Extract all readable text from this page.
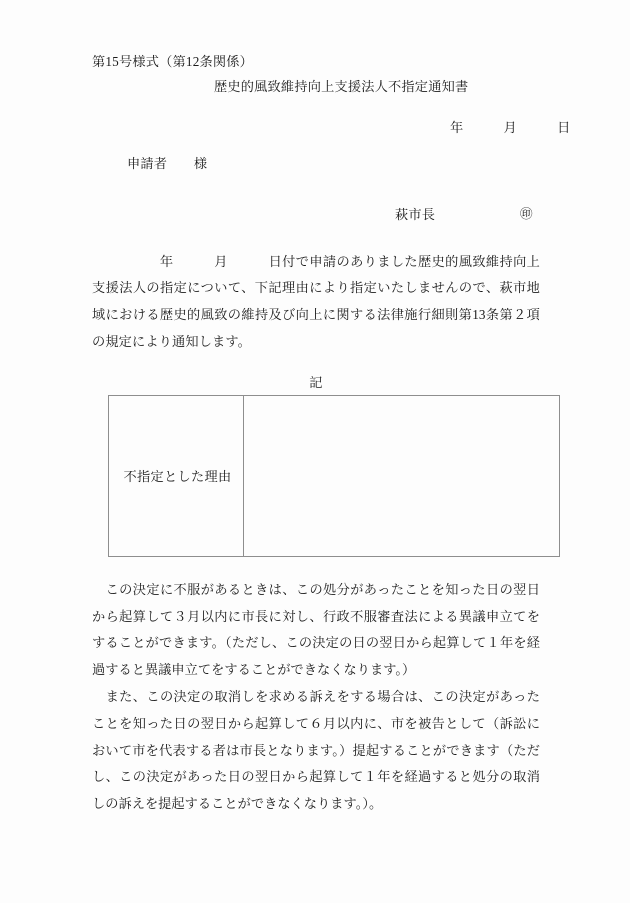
第15号様式（第12条関係）
歴史的風致維持向上支援法人不指定通知書
年　　　月　　　日
申請者　　様
萩市長	㊞
　　　　　年　　　月　　　日付で申請のありました歴史的風致維持向上支援法人の指定について、下記理由により指定いたしませんので、萩市地域における歴史的風致の維持及び向上に関する法律施行細則第13条第２項の規定により通知します。
記
不指定とした理由	
　この決定に不服があるときは、この処分があったことを知った日の翌日から起算して３月以内に市長に対し、行政不服審査法による異議申立てをすることができます。（ただし、この決定の日の翌日から起算して１年を経過すると異議申立てをすることができなくなります。）
　また、この決定の取消しを求める訴えをする場合は、この決定があったことを知った日の翌日から起算して６月以内に、市を被告として（訴訟において市を代表する者は市長となります。）提起することができます（ただし、この決定があった日の翌日から起算して１年を経過すると処分の取消しの訴えを提起することができなくなります。）。
